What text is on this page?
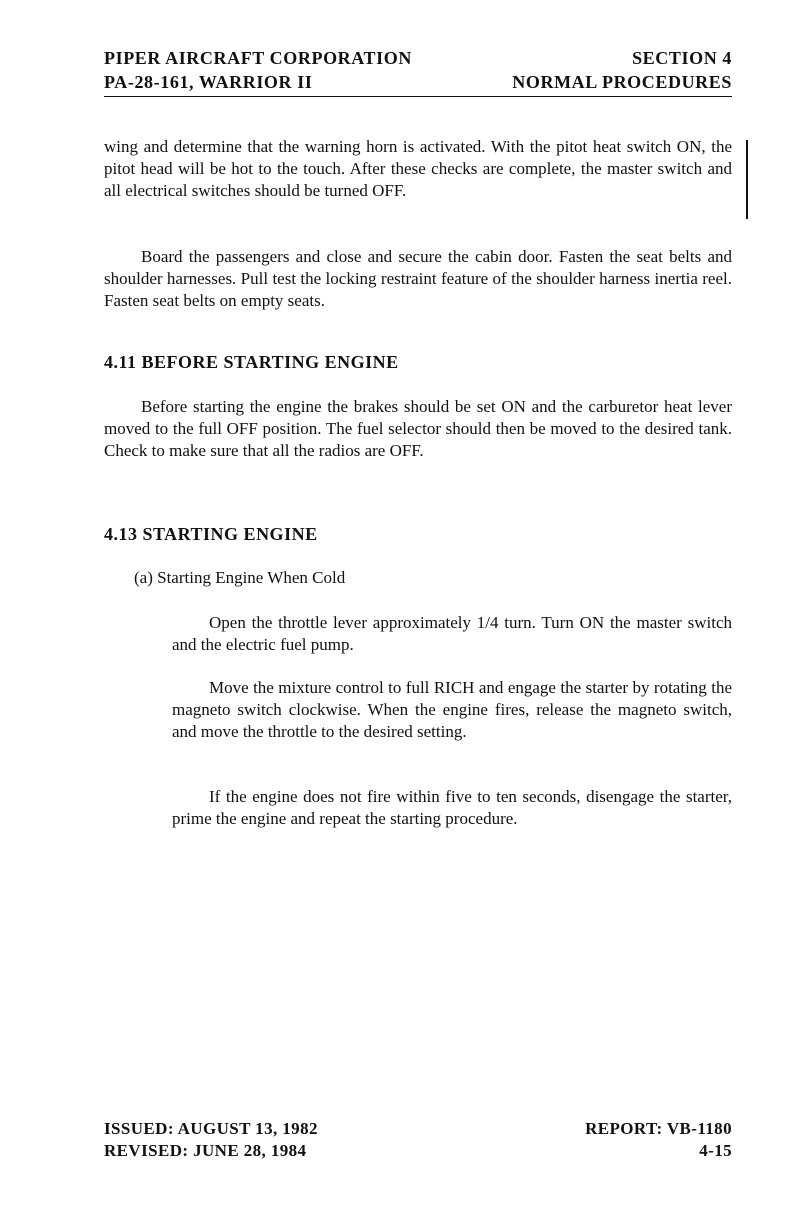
PIPER AIRCRAFT CORPORATION	SECTION 4
PA-28-161, WARRIOR II	NORMAL PROCEDURES

wing and determine that the warning horn is activated. With the pitot heat switch ON, the pitot head will be hot to the touch. After these checks are complete, the master switch and all electrical switches should be turned OFF.

Board the passengers and close and secure the cabin door. Fasten the seat belts and shoulder harnesses. Pull test the locking restraint feature of the shoulder harness inertia reel. Fasten seat belts on empty seats.

4.11 BEFORE STARTING ENGINE

Before starting the engine the brakes should be set ON and the carburetor heat lever moved to the full OFF position. The fuel selector should then be moved to the desired tank. Check to make sure that all the radios are OFF.

4.13 STARTING ENGINE

(a) Starting Engine When Cold

Open the throttle lever approximately 1/4 turn. Turn ON the master switch and the electric fuel pump.

Move the mixture control to full RICH and engage the starter by rotating the magneto switch clockwise. When the engine fires, release the magneto switch, and move the throttle to the desired setting.

If the engine does not fire within five to ten seconds, disengage the starter, prime the engine and repeat the starting procedure.

ISSUED: AUGUST 13, 1982	REPORT: VB-1180
REVISED: JUNE 28, 1984	4-15
